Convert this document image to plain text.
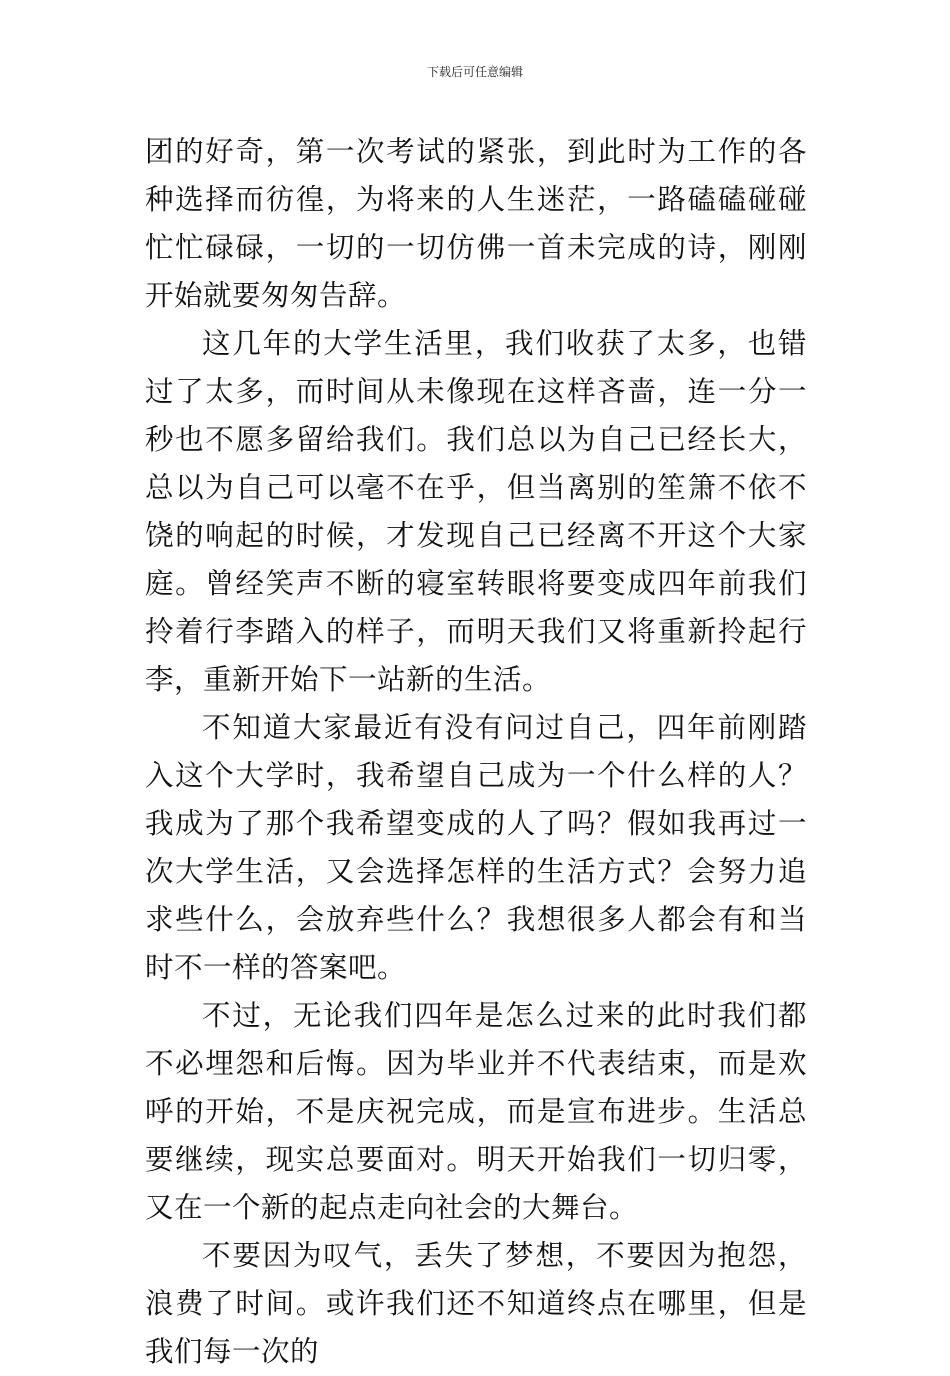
下载后可任意编辑

团的好奇，第一次考试的紧张，到此时为工作的各种选择而彷徨，为将来的人生迷茫，一路磕磕碰碰忙忙碌碌，一切的一切仿佛一首未完成的诗，刚刚开始就要匆匆告辞。

这几年的大学生活里，我们收获了太多，也错过了太多，而时间从未像现在这样吝啬，连一分一秒也不愿多留给我们。我们总以为自己已经长大，总以为自己可以毫不在乎，但当离别的笙箫不依不饶的响起的时候，才发现自己已经离不开这个大家庭。曾经笑声不断的寝室转眼将要变成四年前我们拎着行李踏入的样子，而明天我们又将重新拎起行李，重新开始下一站新的生活。

不知道大家最近有没有问过自己，四年前刚踏入这个大学时，我希望自己成为一个什么样的人？我成为了那个我希望变成的人了吗？假如我再过一次大学生活，又会选择怎样的生活方式？会努力追求些什么，会放弃些什么？我想很多人都会有和当时不一样的答案吧。

不过，无论我们四年是怎么过来的此时我们都不必埋怨和后悔。因为毕业并不代表结束，而是欢呼的开始，不是庆祝完成，而是宣布进步。生活总要继续，现实总要面对。明天开始我们一切归零，又在一个新的起点走向社会的大舞台。

不要因为叹气，丢失了梦想，不要因为抱怨，浪费了时间。或许我们还不知道终点在哪里，但是我们每一次的
